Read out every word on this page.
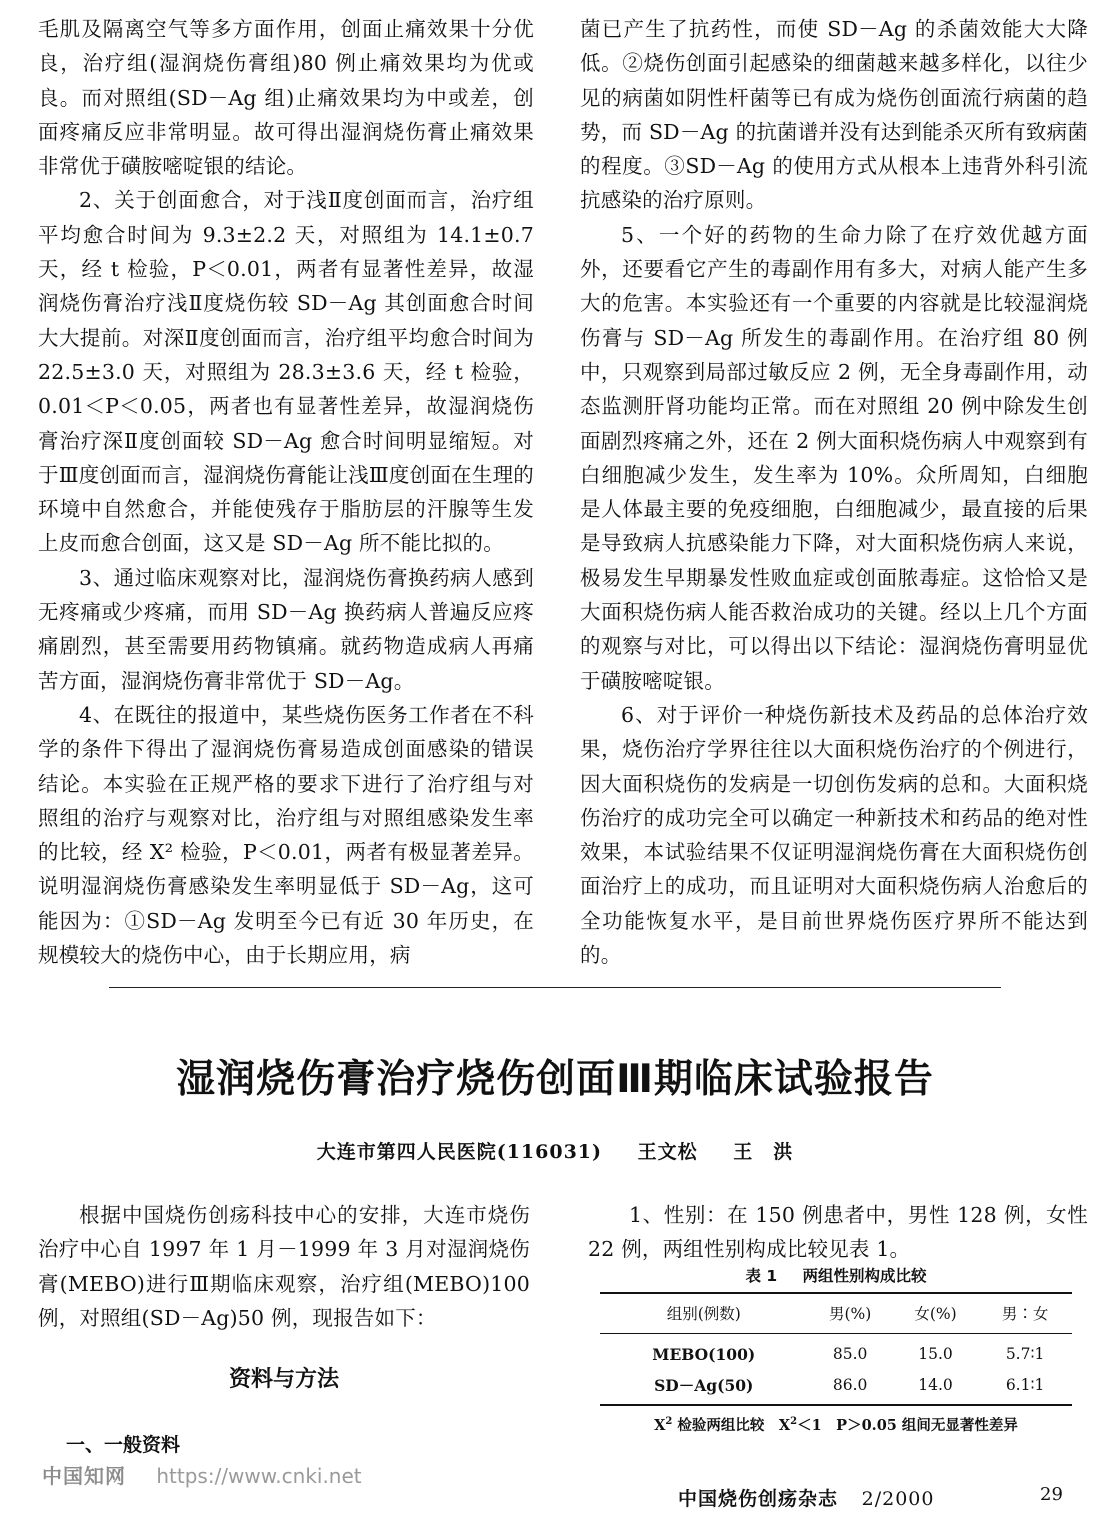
毛肌及隔离空气等多方面作用，创面止痛效果十分优良，治疗组(湿润烧伤膏组)80 例止痛效果均为优或良。而对照组(SD－Ag 组)止痛效果均为中或差，创面疼痛反应非常明显。故可得出湿润烧伤膏止痛效果非常优于磺胺嘧啶银的结论。

2、关于创面愈合，对于浅Ⅱ度创面而言，治疗组平均愈合时间为 9.3±2.2 天，对照组为 14.1±0.7 天，经 t 检验，P＜0.01，两者有显著性差异，故湿润烧伤膏治疗浅Ⅱ度烧伤较 SD－Ag 其创面愈合时间大大提前。对深Ⅱ度创面而言，治疗组平均愈合时间为 22.5±3.0 天，对照组为 28.3±3.6 天，经 t 检验，0.01＜P＜0.05，两者也有显著性差异，故湿润烧伤膏治疗深Ⅱ度创面较 SD－Ag 愈合时间明显缩短。对于Ⅲ度创面而言，湿润烧伤膏能让浅Ⅲ度创面在生理的环境中自然愈合，并能使残存于脂肪层的汗腺等生发上皮而愈合创面，这又是 SD－Ag 所不能比拟的。

3、通过临床观察对比，湿润烧伤膏换药病人感到无疼痛或少疼痛，而用 SD－Ag 换药病人普遍反应疼痛剧烈，甚至需要用药物镇痛。就药物造成病人再痛苦方面，湿润烧伤膏非常优于 SD－Ag。

4、在既往的报道中，某些烧伤医务工作者在不科学的条件下得出了湿润烧伤膏易造成创面感染的错误结论。本实验在正规严格的要求下进行了治疗组与对照组的治疗与观察对比，治疗组与对照组感染发生率的比较，经 X² 检验，P＜0.01，两者有极显著差异。说明湿润烧伤膏感染发生率明显低于 SD－Ag，这可能因为：①SD－Ag 发明至今已有近 30 年历史，在规模较大的烧伤中心，由于长期应用，病

菌已产生了抗药性，而使 SD－Ag 的杀菌效能大大降低。②烧伤创面引起感染的细菌越来越多样化，以往少见的病菌如阴性杆菌等已有成为烧伤创面流行病菌的趋势，而 SD－Ag 的抗菌谱并没有达到能杀灭所有致病菌的程度。③SD－Ag 的使用方式从根本上违背外科引流抗感染的治疗原则。

5、一个好的药物的生命力除了在疗效优越方面外，还要看它产生的毒副作用有多大，对病人能产生多大的危害。本实验还有一个重要的内容就是比较湿润烧伤膏与 SD－Ag 所发生的毒副作用。在治疗组 80 例中，只观察到局部过敏反应 2 例，无全身毒副作用，动态监测肝肾功能均正常。而在对照组 20 例中除发生创面剧烈疼痛之外，还在 2 例大面积烧伤病人中观察到有白细胞减少发生，发生率为 10%。众所周知，白细胞是人体最主要的免疫细胞，白细胞减少，最直接的后果是导致病人抗感染能力下降，对大面积烧伤病人来说，极易发生早期暴发性败血症或创面脓毒症。这恰恰又是大面积烧伤病人能否救治成功的关键。经以上几个方面的观察与对比，可以得出以下结论：湿润烧伤膏明显优于磺胺嘧啶银。

6、对于评价一种烧伤新技术及药品的总体治疗效果，烧伤治疗学界往往以大面积烧伤治疗的个例进行，因大面积烧伤的发病是一切创伤发病的总和。大面积烧伤治疗的成功完全可以确定一种新技术和药品的绝对性效果，本试验结果不仅证明湿润烧伤膏在大面积烧伤创面治疗上的成功，而且证明对大面积烧伤病人治愈后的全功能恢复水平，是目前世界烧伤医疗界所不能达到的。

湿润烧伤膏治疗烧伤创面Ⅲ期临床试验报告
大连市第四人民医院(116031) 王文松 王　洪

根据中国烧伤创疡科技中心的安排，大连市烧伤治疗中心自 1997 年 1 月－1999 年 3 月对湿润烧伤膏(MEBO)进行Ⅲ期临床观察，治疗组(MEBO)100 例，对照组(SD－Ag)50 例，现报告如下：

资料与方法
一、一般资料

1、性别：在 150 例患者中，男性 128 例，女性 22 例，两组性别构成比较见表 1。

表 1 两组性别构成比较
组别(例数)	男(%)	女(%)	男∶女
MEBO(100)	85.0	15.0	5.7∶1
SD－Ag(50)	86.0	14.0	6.1∶1
$X^2$ 检验两组比较　$X^2<1$　P＞0.05 组间无显著性差异
中国知网 https://www.cnki.net
中国烧伤创疡杂志 2/2000	29
